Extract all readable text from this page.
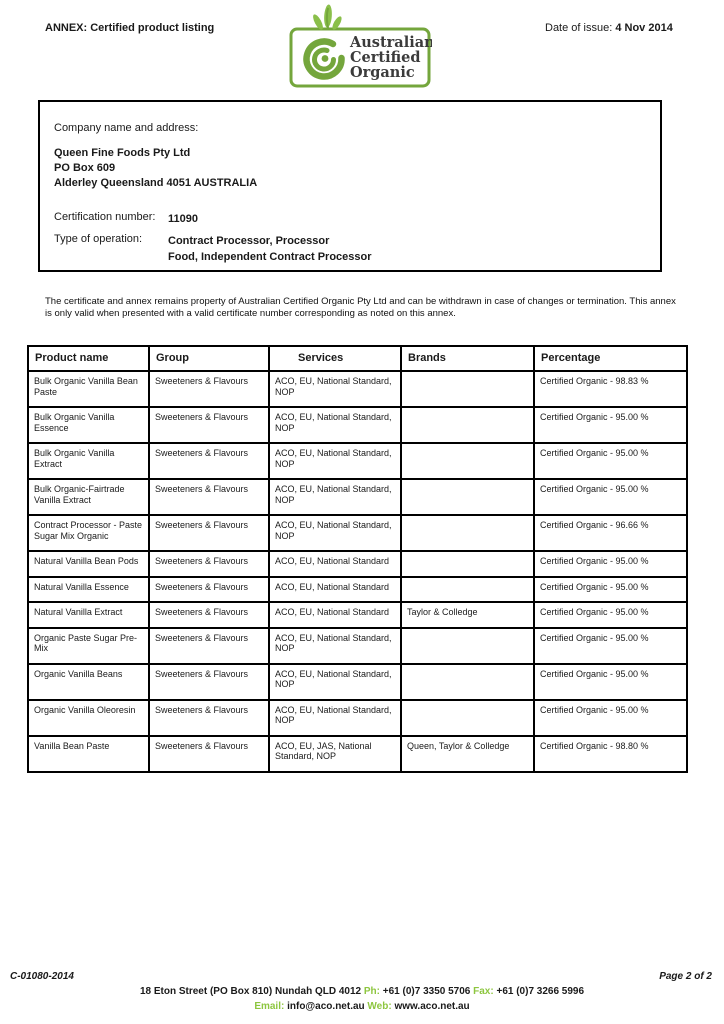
ANNEX: Certified product listing
Australian
Certified
Organic
Date of issue: 4 Nov 2014
Company name and address:
Queen Fine Foods Pty Ltd
PO Box 609
Alderley Queensland 4051 AUSTRALIA
Certification number:	11090
Type of operation:	Contract Processor, Processor
Food, Independent Contract Processor
The certificate and annex remains property of Australian Certified Organic Pty Ltd and can be withdrawn in case of changes or termination. This annex is only valid when presented with a valid certificate number corresponding as noted on this annex.
Product name	Group	Services	Brands	Percentage
Bulk Organic Vanilla Bean Paste	Sweeteners & Flavours	ACO, EU, National Standard, NOP		Certified Organic - 98.83 %
Bulk Organic Vanilla Essence	Sweeteners & Flavours	ACO, EU, National Standard, NOP		Certified Organic - 95.00 %
Bulk Organic Vanilla Extract	Sweeteners & Flavours	ACO, EU, National Standard, NOP		Certified Organic - 95.00 %
Bulk Organic-Fairtrade Vanilla Extract	Sweeteners & Flavours	ACO, EU, National Standard, NOP		Certified Organic - 95.00 %
Contract Processor - Paste Sugar Mix Organic	Sweeteners & Flavours	ACO, EU, National Standard, NOP		Certified Organic - 96.66 %
Natural Vanilla Bean Pods	Sweeteners & Flavours	ACO, EU, National Standard		Certified Organic - 95.00 %
Natural Vanilla Essence	Sweeteners & Flavours	ACO, EU, National Standard		Certified Organic - 95.00 %
Natural Vanilla Extract	Sweeteners & Flavours	ACO, EU, National Standard	Taylor & Colledge	Certified Organic - 95.00 %
Organic Paste Sugar Pre-Mix	Sweeteners & Flavours	ACO, EU, National Standard, NOP		Certified Organic - 95.00 %
Organic Vanilla Beans	Sweeteners & Flavours	ACO, EU, National Standard, NOP		Certified Organic - 95.00 %
Organic Vanilla Oleoresin	Sweeteners & Flavours	ACO, EU, National Standard, NOP		Certified Organic - 95.00 %
Vanilla Bean Paste	Sweeteners & Flavours	ACO, EU, JAS, National Standard, NOP	Queen, Taylor & Colledge	Certified Organic - 98.80 %
C-01080-2014	Page 2 of 2
18 Eton Street (PO Box 810) Nundah QLD 4012 Ph: +61 (0)7 3350 5706 Fax: +61 (0)7 3266 5996
Email: info@aco.net.au Web: www.aco.net.au
